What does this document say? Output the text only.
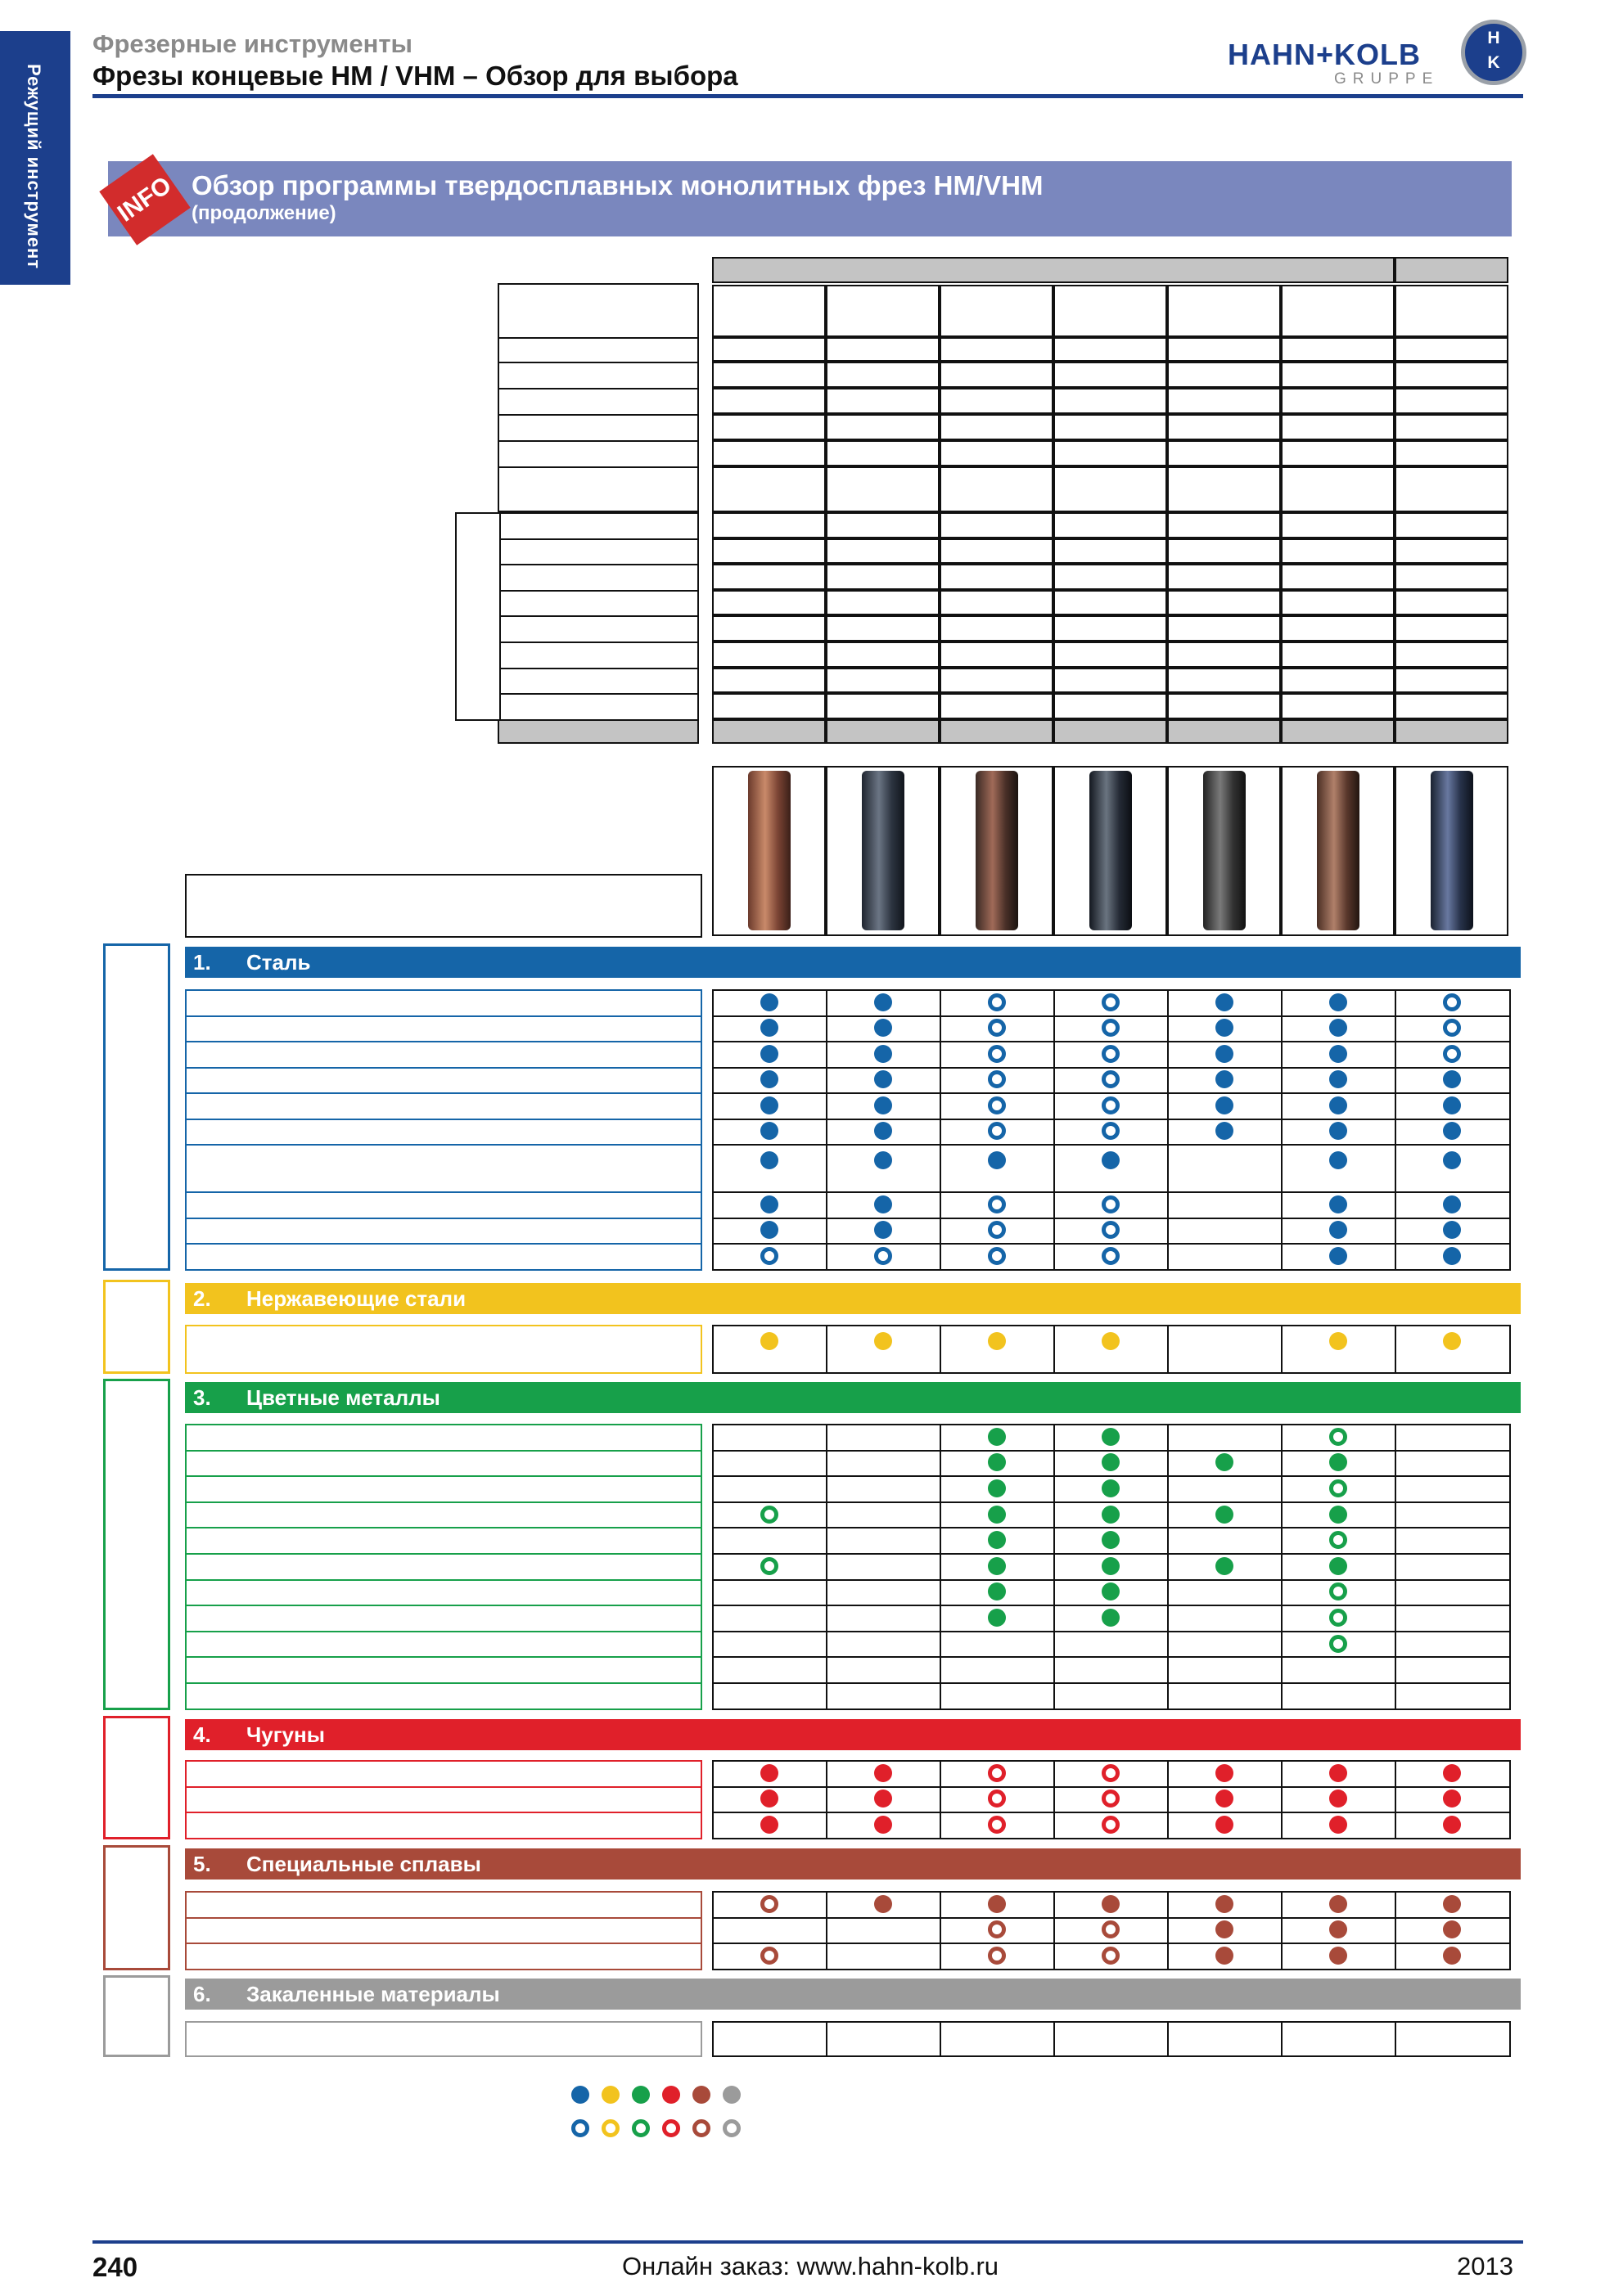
Режущий инструмент
Фрезерные инструменты
Фрезы концевые HM / VHM – Обзор для выбора
HAHN+KOLB
GRUPPE
H
K
INFO Обзор программы твердосплавных монолитных фрез HM/VHM
(продолжение)
1.	Сталь
2.	Нержавеющие стали
3.	Цветные металлы
4.	Чугуны
5.	Специальные сплавы
6.	Закаленные материалы
240	Онлайн заказ: www.hahn-kolb.ru	2013
